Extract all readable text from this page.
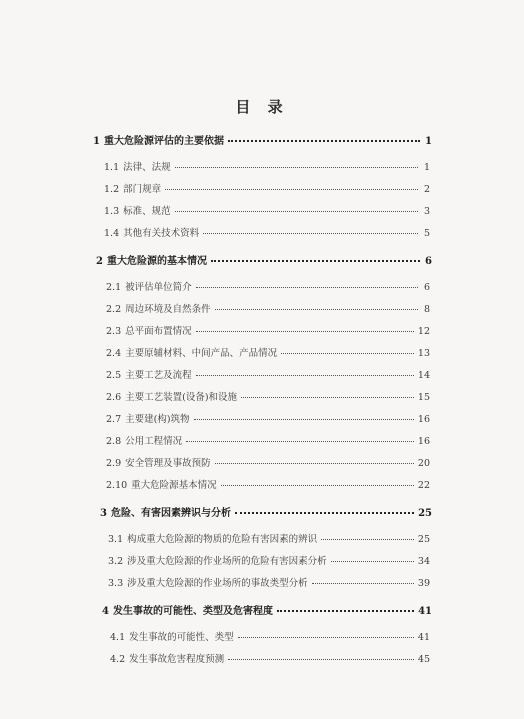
目 录
1 重大危险源评估的主要依据	1
1.1 法律、法规	1
1.2 部门规章	2
1.3 标准、规范	3
1.4 其他有关技术资料	5
2 重大危险源的基本情况	6
2.1 被评估单位简介	6
2.2 周边环境及自然条件	8
2.3 总平面布置情况	12
2.4 主要原辅材料、中间产品、产品情况	13
2.5 主要工艺及流程	14
2.6 主要工艺装置(设备)和设施	15
2.7 主要建(构)筑物	16
2.8 公用工程情况	16
2.9 安全管理及事故预防	20
2.10 重大危险源基本情况	22
3 危险、有害因素辨识与分析	25
3.1 构成重大危险源的物质的危险有害因素的辨识	25
3.2 涉及重大危险源的作业场所的危险有害因素分析	34
3.3 涉及重大危险源的作业场所的事故类型分析	39
4 发生事故的可能性、类型及危害程度	41
4.1 发生事故的可能性、类型	41
4.2 发生事故危害程度预测	45
